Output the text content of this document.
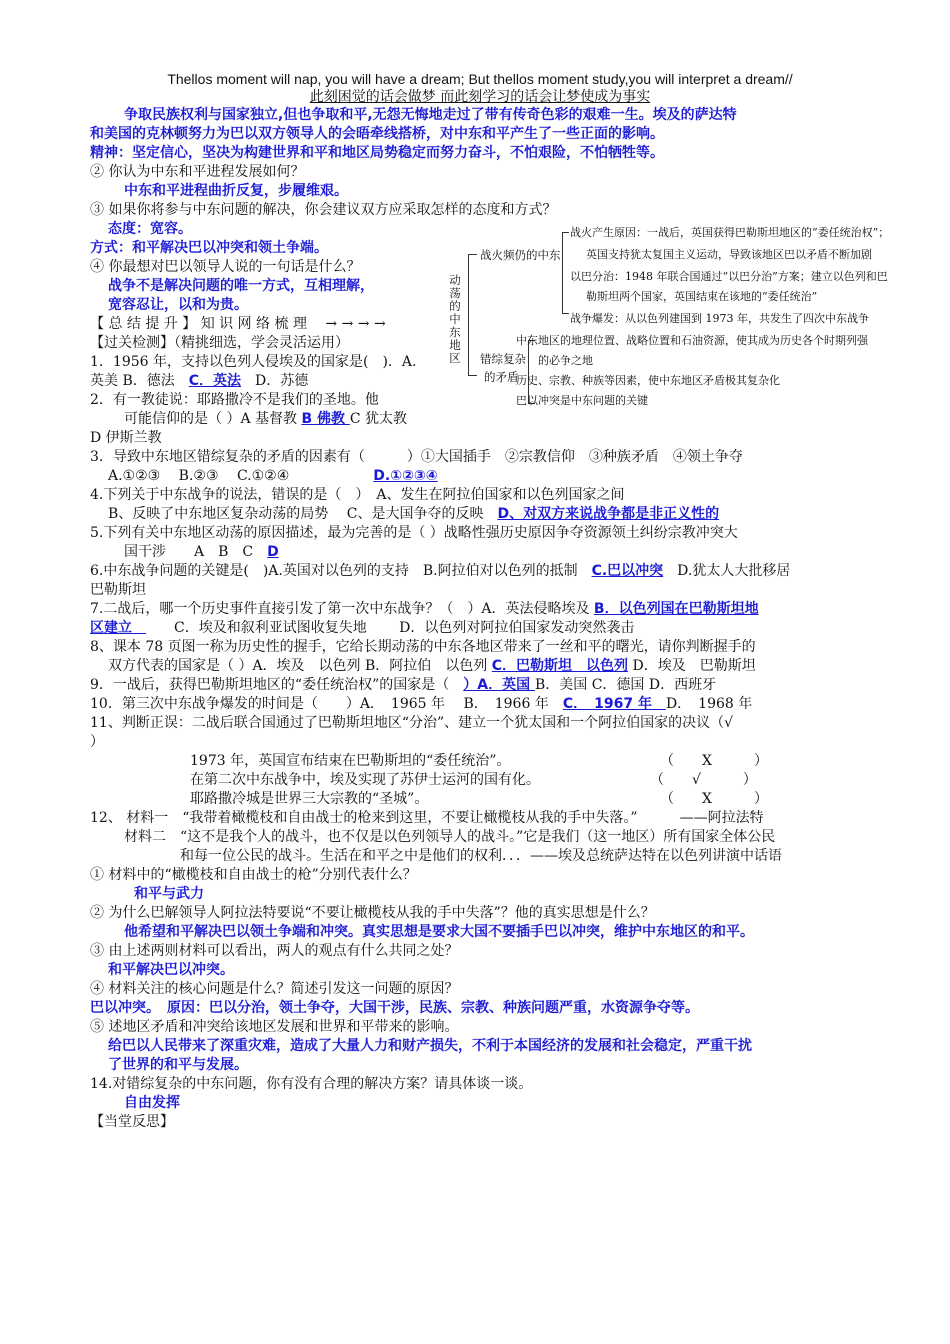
Thellos moment will nap, you will have a dream; But thellos moment study,you will interpret a dream//
此刻困觉的话会做梦 而此刻学习的话会让梦使成为事实
争取民族权利与国家独立,但也争取和平,无怨无悔地走过了带有传奇色彩的艰难一生。埃及的萨达特
和美国的克林顿努力为巴以双方领导人的会晤牵线搭桥，对中东和平产生了一些正面的影响。
精神：坚定信心，坚决为构建世界和平和地区局势稳定而努力奋斗，不怕艰险，不怕牺牲等。
② 你认为中东和平进程发展如何？
中东和平进程曲折反复，步履维艰。
③ 如果你将参与中东问题的解决，你会建议双方应采取怎样的态度和方式？
态度：宽容。
方式：和平解决巴以冲突和领土争端。
④ 你最想对巴以领导人说的一句话是什么？
战争不是解决问题的唯一方式，互相理解，
宽容忍让，以和为贵。
【 总 结 提 升 】 知 识 网 络 梳 理 　→ → → →
【过关检测】（精挑细选，学会灵活运用）
1．1956 年，支持以色列人侵埃及的国家是(　)．A.
英美 B．德法　C．英法　D．苏德
2．有一教徒说：耶路撒冷不是我们的圣地。他
可能信仰的是（ ）A 基督教 B 佛教 C 犹太教
D 伊斯兰教
3．导致中东地区错综复杂的矛盾的因素有（　　　）①大国插手　②宗教信仰　③种族矛盾　④领土争夺
A.①②③　 B.②③　 C.①②④　　　　　　D.①②③④
4.下列关于中东战争的说法，错误的是（　）　A、发生在阿拉伯国家和以色列国家之间
B、反映了中东地区复杂动荡的局势　 C、是大国争夺的反映　D、对双方来说战争都是非正义性的
5.下列有关中东地区动荡的原因描述，最为完善的是（ ）战略性强历史原因争夺资源领土纠纷宗教冲突大
国干涉　　A　B　C　D
6.中东战争问题的关键是(　)A.英国对以色列的支持　B.阿拉伯对以色列的抵制　C.巴以冲突　D.犹太人大批移居
巴勒斯坦
7.二战后，哪一个历史事件直接引发了第一次中东战争？（　）A．英法侵略埃及 B．以色列国在巴勒斯坦地
区建立　　　C．埃及和叙利亚试图收复失地　　 D．以色列对阿拉伯国家发动突然袭击
8、课本 78 页图一称为历史性的握手，它给长期动荡的中东各地区带来了一丝和平的曙光，请你判断握手的
双方代表的国家是（ ）A．埃及　以色列 B．阿拉伯　以色列 C．巴勒斯坦　以色列 D．埃及　巴勒斯坦
9．一战后，获得巴勒斯坦地区的“委任统治权”的国家是（　）A．英国 B．美国 C．德国 D．西班牙
10．第三次中东战争爆发的时间是（　　）A．　1965 年　 B．　1966 年　C．　1967 年　D．　1968 年
11、判断正误：二战后联合国通过了巴勒斯坦地区“分治”、建立一个犹太国和一个阿拉伯国家的决议（√
）
1973 年，英国宣布结束在巴勒斯坦的“委任统治”。	（　　X　　　）
在第二次中东战争中，埃及实现了苏伊士运河的国有化。	（　　√　　　）
耶路撒冷城是世界三大宗教的“圣城”。	（　　X　　　）
12、 材料一　“我带着橄榄枝和自由战士的枪来到这里，不要让橄榄枝从我的手中失落。”　　　——阿拉法特
材料二　“这不是我个人的战斗，也不仅是以色列领导人的战斗。”它是我们（这一地区）所有国家全体公民
和每一位公民的战斗。生活在和平之中是他们的权利．．．——埃及总统萨达特在以色列讲演中话语
① 材料中的“橄榄枝和自由战士的枪”分别代表什么？
和平与武力
② 为什么巴解领导人阿拉法特要说“不要让橄榄枝从我的手中失落”？他的真实思想是什么？
他希望和平解决巴以领土争端和冲突。真实思想是要求大国不要插手巴以冲突，维护中东地区的和平。
③ 由上述两则材料可以看出，两人的观点有什么共同之处？
和平解决巴以冲突。
④ 材料关注的核心问题是什么？简述引发这一问题的原因？
巴以冲突。　原因：巴以分治，领土争夺，大国干涉，民族、宗教、种族问题严重，水资源争夺等。
⑤ 述地区矛盾和冲突给该地区发展和世界和平带来的影响。
给巴以人民带来了深重灾难，造成了大量人力和财产损失，不利于本国经济的发展和社会稳定，严重干扰
了世界的和平与发展。
14.对错综复杂的中东问题，你有没有合理的解决方案？请具体谈一谈。
自由发挥
【当堂反思】
动
荡
的
中
东
地
区
战火频仍的中东
战火产生原因：一战后，英国获得巴勒斯坦地区的“委任统治权”；
英国支持犹太复国主义运动，导致该地区巴以矛盾不断加剧
以巴分治：1948 年联合国通过“以巴分治”方案；建立以色列和巴
勒斯坦两个国家，英国结束在该地的“委任统治”
战争爆发：从以色列建国到 1973 年，共发生了四次中东战争
错综复杂
的矛盾
中东地区的地理位置、战略位置和石油资源，使其成为历史各个时期列强
的必争之地
历史、宗教、种族等因素，使中东地区矛盾极其复杂化
巴以冲突是中东问题的关键
